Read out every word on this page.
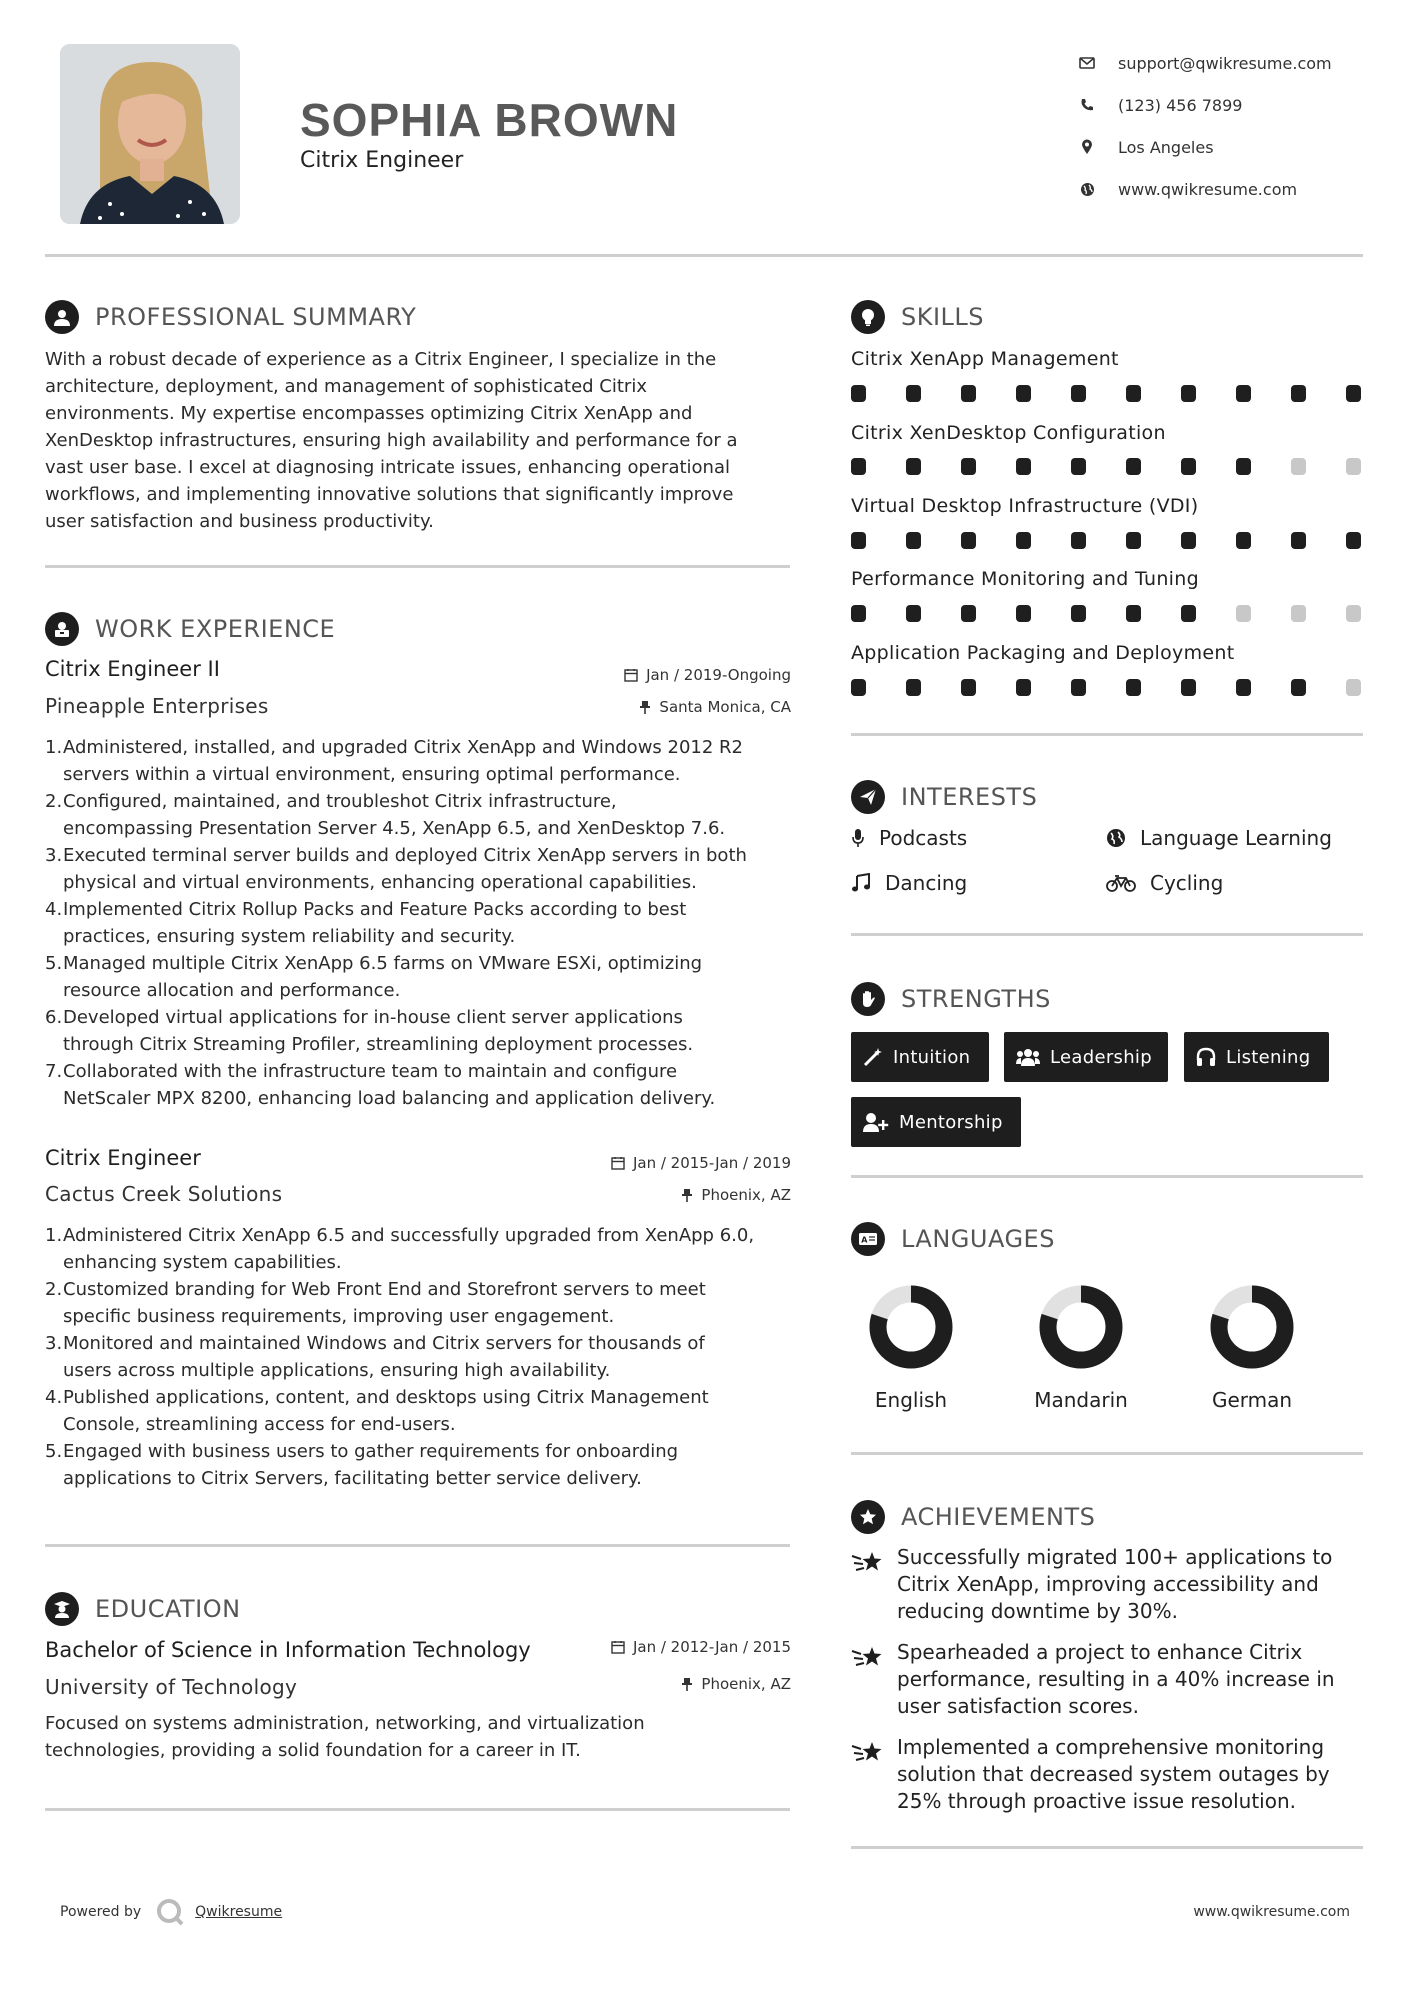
SOPHIA BROWN
Citrix Engineer
support@qwikresume.com
(123) 456 7899
Los Angeles
www.qwikresume.com
PROFESSIONAL SUMMARY
With a robust decade of experience as a Citrix Engineer, I specialize in the
architecture, deployment, and management of sophisticated Citrix
environments. My expertise encompasses optimizing Citrix XenApp and
XenDesktop infrastructures, ensuring high availability and performance for a
vast user base. I excel at diagnosing intricate issues, enhancing operational
workflows, and implementing innovative solutions that significantly improve
user satisfaction and business productivity.
WORK EXPERIENCE
Citrix Engineer II	Jan / 2019-Ongoing
Pineapple Enterprises	Santa Monica, CA
1. Administered, installed, and upgraded Citrix XenApp and Windows 2012 R2
servers within a virtual environment, ensuring optimal performance.
2. Configured, maintained, and troubleshot Citrix infrastructure,
encompassing Presentation Server 4.5, XenApp 6.5, and XenDesktop 7.6.
3. Executed terminal server builds and deployed Citrix XenApp servers in both
physical and virtual environments, enhancing operational capabilities.
4. Implemented Citrix Rollup Packs and Feature Packs according to best
practices, ensuring system reliability and security.
5. Managed multiple Citrix XenApp 6.5 farms on VMware ESXi, optimizing
resource allocation and performance.
6. Developed virtual applications for in-house client server applications
through Citrix Streaming Profiler, streamlining deployment processes.
7. Collaborated with the infrastructure team to maintain and configure
NetScaler MPX 8200, enhancing load balancing and application delivery.
Citrix Engineer	Jan / 2015-Jan / 2019
Cactus Creek Solutions	Phoenix, AZ
1. Administered Citrix XenApp 6.5 and successfully upgraded from XenApp 6.0,
enhancing system capabilities.
2. Customized branding for Web Front End and Storefront servers to meet
specific business requirements, improving user engagement.
3. Monitored and maintained Windows and Citrix servers for thousands of
users across multiple applications, ensuring high availability.
4. Published applications, content, and desktops using Citrix Management
Console, streamlining access for end-users.
5. Engaged with business users to gather requirements for onboarding
applications to Citrix Servers, facilitating better service delivery.
EDUCATION
Bachelor of Science in Information Technology	Jan / 2012-Jan / 2015
University of Technology	Phoenix, AZ
Focused on systems administration, networking, and virtualization
technologies, providing a solid foundation for a career in IT.
SKILLS
Citrix XenApp Management
Citrix XenDesktop Configuration
Virtual Desktop Infrastructure (VDI)
Performance Monitoring and Tuning
Application Packaging and Deployment
INTERESTS
Podcasts	Language Learning
Dancing	Cycling
STRENGTHS
Intuition	Leadership	Listening
Mentorship
A LANGUAGES
English	Mandarin	German
ACHIEVEMENTS
Successfully migrated 100+ applications to
Citrix XenApp, improving accessibility and
reducing downtime by 30%.
Spearheaded a project to enhance Citrix
performance, resulting in a 40% increase in
user satisfaction scores.
Implemented a comprehensive monitoring
solution that decreased system outages by
25% through proactive issue resolution.
Powered by	Qwikresume	www.qwikresume.com
